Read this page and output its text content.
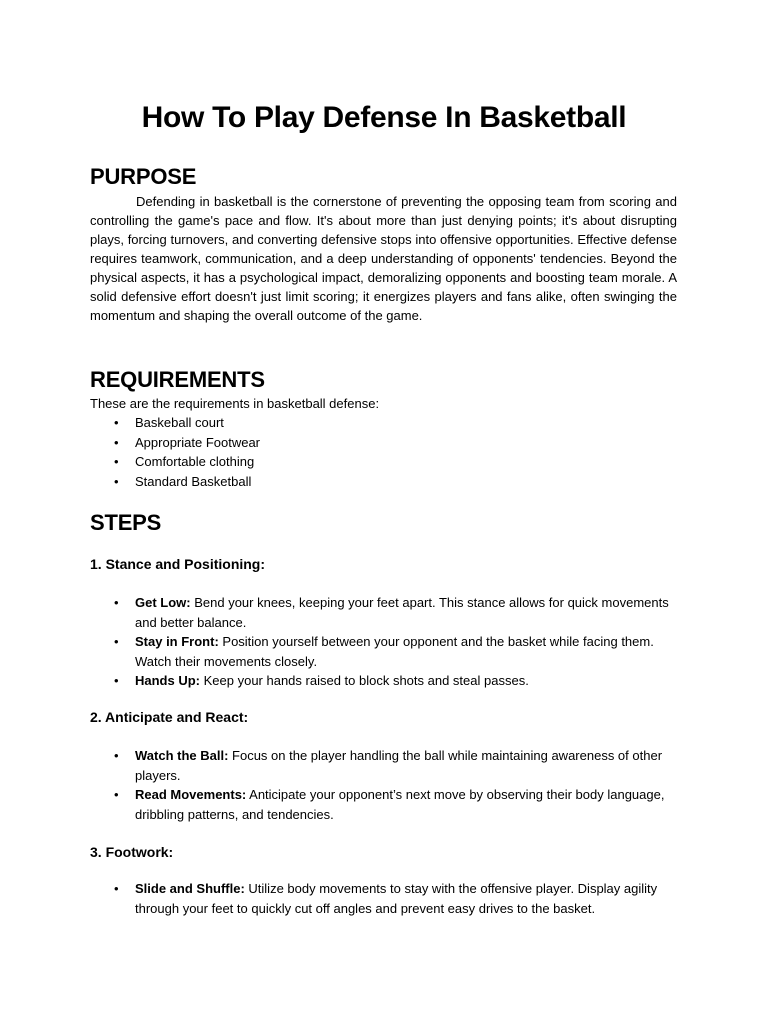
How To Play Defense In Basketball
PURPOSE

Defending in basketball is the cornerstone of preventing the opposing team from scoring and controlling the game's pace and flow. It's about more than just denying points; it's about disrupting plays, forcing turnovers, and converting defensive stops into offensive opportunities. Effective defense requires teamwork, communication, and a deep understanding of opponents' tendencies. Beyond the physical aspects, it has a psychological impact, demoralizing opponents and boosting team morale. A solid defensive effort doesn't just limit scoring; it energizes players and fans alike, often swinging the momentum and shaping the overall outcome of the game.

REQUIREMENTS

These are the requirements in basketball defense:

• Baskeball court
• Appropriate Footwear
• Comfortable clothing
• Standard Basketball
STEPS
1. Stance and Positioning:
• Get Low: Bend your knees, keeping your feet apart. This stance allows for quick movements and better balance.
• Stay in Front: Position yourself between your opponent and the basket while facing them. Watch their movements closely.
• Hands Up: Keep your hands raised to block shots and steal passes.
2. Anticipate and React:
• Watch the Ball: Focus on the player handling the ball while maintaining awareness of other players.
• Read Movements: Anticipate your opponent’s next move by observing their body language, dribbling patterns, and tendencies.
3. Footwork:
• Slide and Shuffle: Utilize body movements to stay with the offensive player. Display agility through your feet to quickly cut off angles and prevent easy drives to the basket.
